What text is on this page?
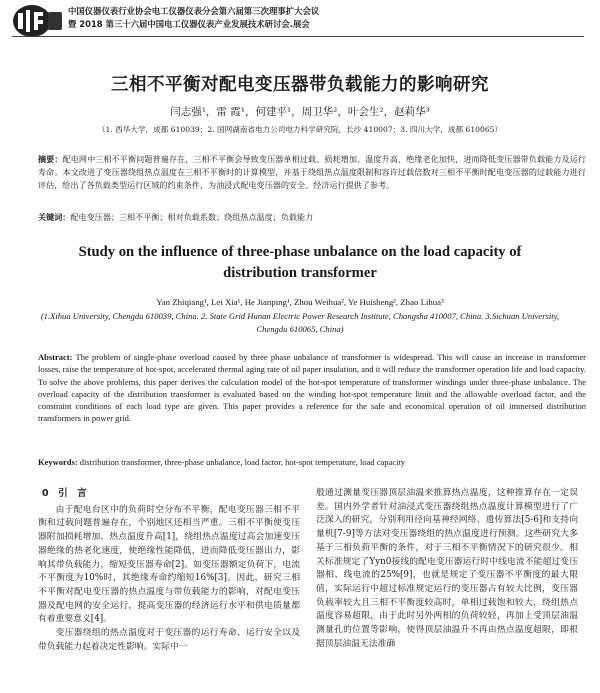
中国仪器仪表行业协会电工仪器仪表分会第六届第三次理事扩大会议
暨 2018 第三十六届中国电工仪器仪表产业发展技术研讨会.展会
三相不平衡对配电变压器带负载能力的影响研究
闫志强¹，雷 霞¹，何建平¹，周卫华²，叶会生²，赵莉华³
（1. 西华大学，成都 610039；2. 国网湖南省电力公司电力科学研究院，长沙 410007；3. 四川大学，成都 610065）
摘要：配电网中三相不平衡问题普遍存在，三相不平衡会导致变压器单相过载、损耗增加、温度升高、绝缘老化加快，进而降低变压器带负载能力及运行寿命。本文改进了变压器绕组热点温度在三相不平衡时的计算模型，并基于绕组热点温度限制和容许过载倍数对三相不平衡时配电变压器的过载能力进行评估，给出了各负载类型运行区域的约束条件，为油浸式配电变压器的安全、经济运行提供了参考。
关键词：配电变压器；三相不平衡；相对负载系数；绕组热点温度；负载能力
Study on the influence of three-phase unbalance on the load capacity of distribution transformer
Yan Zhiqiang¹, Lei Xia¹, He Jianping¹, Zhou Weihua², Ye Huisheng², Zhao Lihua³
(1.Xihua University, Chengdu 610039, China. 2. State Grid Hunan Electric Power Research Institute, Changsha 410007, China. 3.Sichuan University, Chengdu 610065, China)
Abstract: The problem of single-phase overload caused by three phase unbalance of transformer is widespread. This will cause an increase in transformer losses, raise the temperature of hot-spot, accelerated thermal aging rate of oil paper insulation, and it will reduce the transformer operation life and load capacity. To solve the above problems, this paper derives the calculation model of the hot-spot temperature of transformer windings under three-phase unbalance. The overload capacity of the distribution transformer is evaluated based on the winding hot-spot temperature limit and the allowable overload factor, and the constraint conditions of each load type are given. This paper provides a reference for the safe and economical operation of oil immersed distribution transformers in power grid.
Keywords: distribution transformer, three-phase unbalance, load factor, hot-spot temperature, load capacity
0　引　言

由于配电台区中的负荷时空分布不平衡，配电变压器三相不平衡和过载问题普遍存在，个别地区还相当严重。三相不平衡使变压器附加损耗增加、热点温度升高[1]，绕组热点温度过高会加速变压器绝缘的热老化速度，使绝缘性能降低，进而降低变压器出力，影响其带负载能力，缩短变压器寿命[2]。如变压器额定负荷下，电流不平衡度为10%时，其绝缘寿命约缩短16%[3]。因此，研究三相不平衡对配电变压器的热点温度与带负载能力的影响，对配电变压器及配电网的安全运行，提高变压器的经济运行水平和供电质量都有着重要意义[4]。

变压器绕组的热点温度对于变压器的运行寿命、运行安全以及带负载能力起着决定性影响。实际中一

般通过测量变压器顶层油温来推算热点温度，这种推算存在一定误差。国内外学者针对油浸式变压器绕组热点温度计算模型进行了广泛深入的研究，分别利用径向基神经网络、遗传算法[5-6]和支持向量机[7-9]等方法对变压器绕组的热点温度进行预测。这些研究大多基于三相负荷平衡的条件，对于三相不平衡情况下的研究很少。相关标准规定了Yyn0接线的配电变压器运行时中线电流不能超过变压器相、线电流的25%[9]，也就是规定了变压器不平衡度的最大限值，实际运行中超过标准规定运行的变压器占有较大比例，变压器负载率较大且三相不平衡度较高时，单相过载饱和较大，绕组热点温度容易超限，由于此时另外两相的负荷较轻，再加上受顶层油温测量孔的位置等影响，使得顶层油温升不再由热点温度超限，即根据顶层油温无法准确
